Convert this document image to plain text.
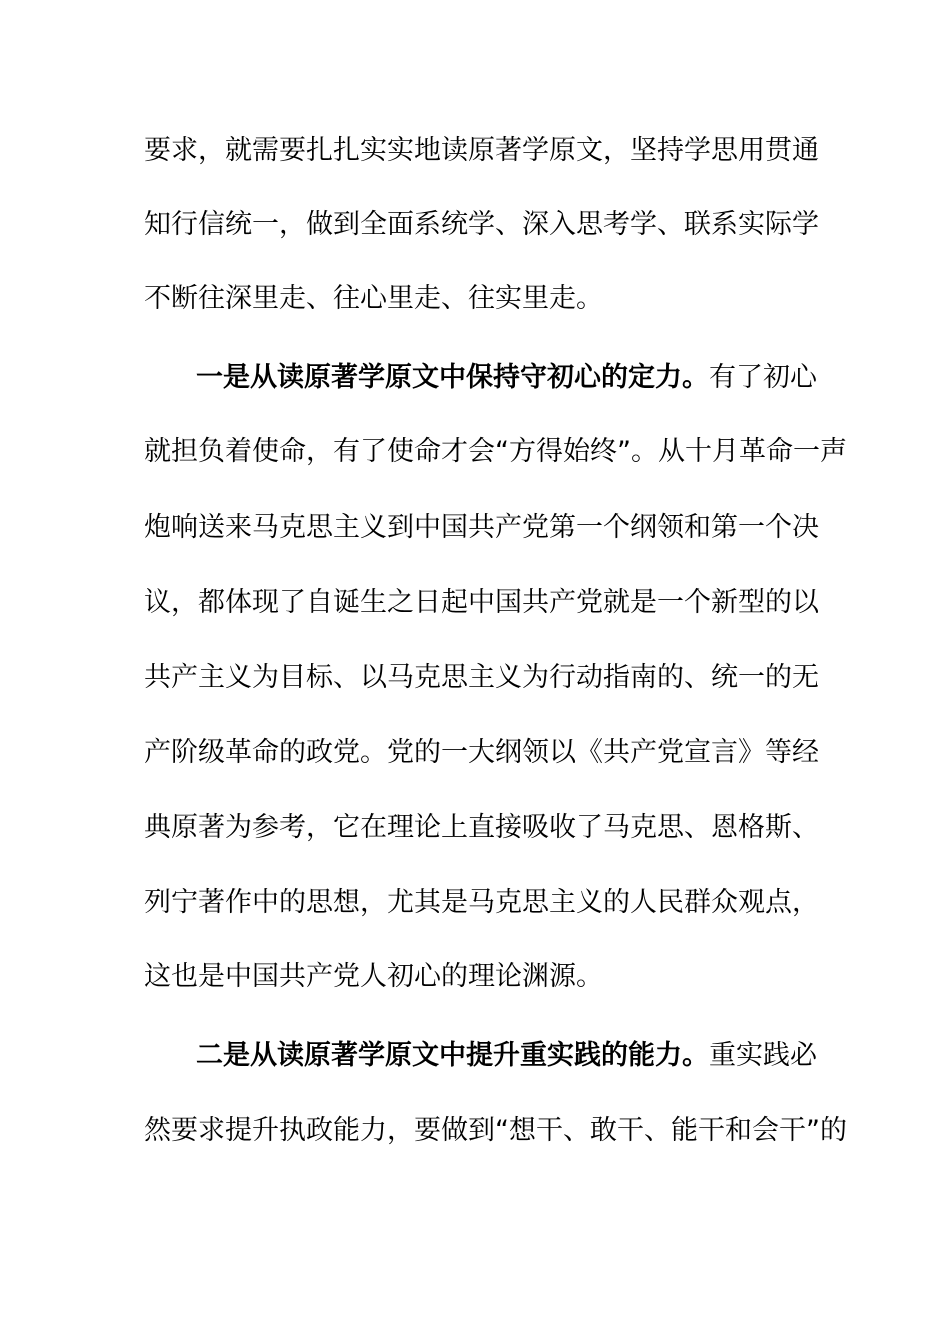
要求，就需要扎扎实实地读原著学原文，坚持学思用贯通
知行信统一，做到全面系统学、深入思考学、联系实际学
不断往深里走、往心里走、往实里走。
一是从读原著学原文中保持守初心的定力。有了初心
就担负着使命，有了使命才会“方得始终”。从十月革命一声
炮响送来马克思主义到中国共产党第一个纲领和第一个决
议，都体现了自诞生之日起中国共产党就是一个新型的以
共产主义为目标、以马克思主义为行动指南的、统一的无
产阶级革命的政党。党的一大纲领以《共产党宣言》等经
典原著为参考，它在理论上直接吸收了马克思、恩格斯、
列宁著作中的思想，尤其是马克思主义的人民群众观点，
这也是中国共产党人初心的理论渊源。
二是从读原著学原文中提升重实践的能力。重实践必
然要求提升执政能力，要做到“想干、敢干、能干和会干”的
